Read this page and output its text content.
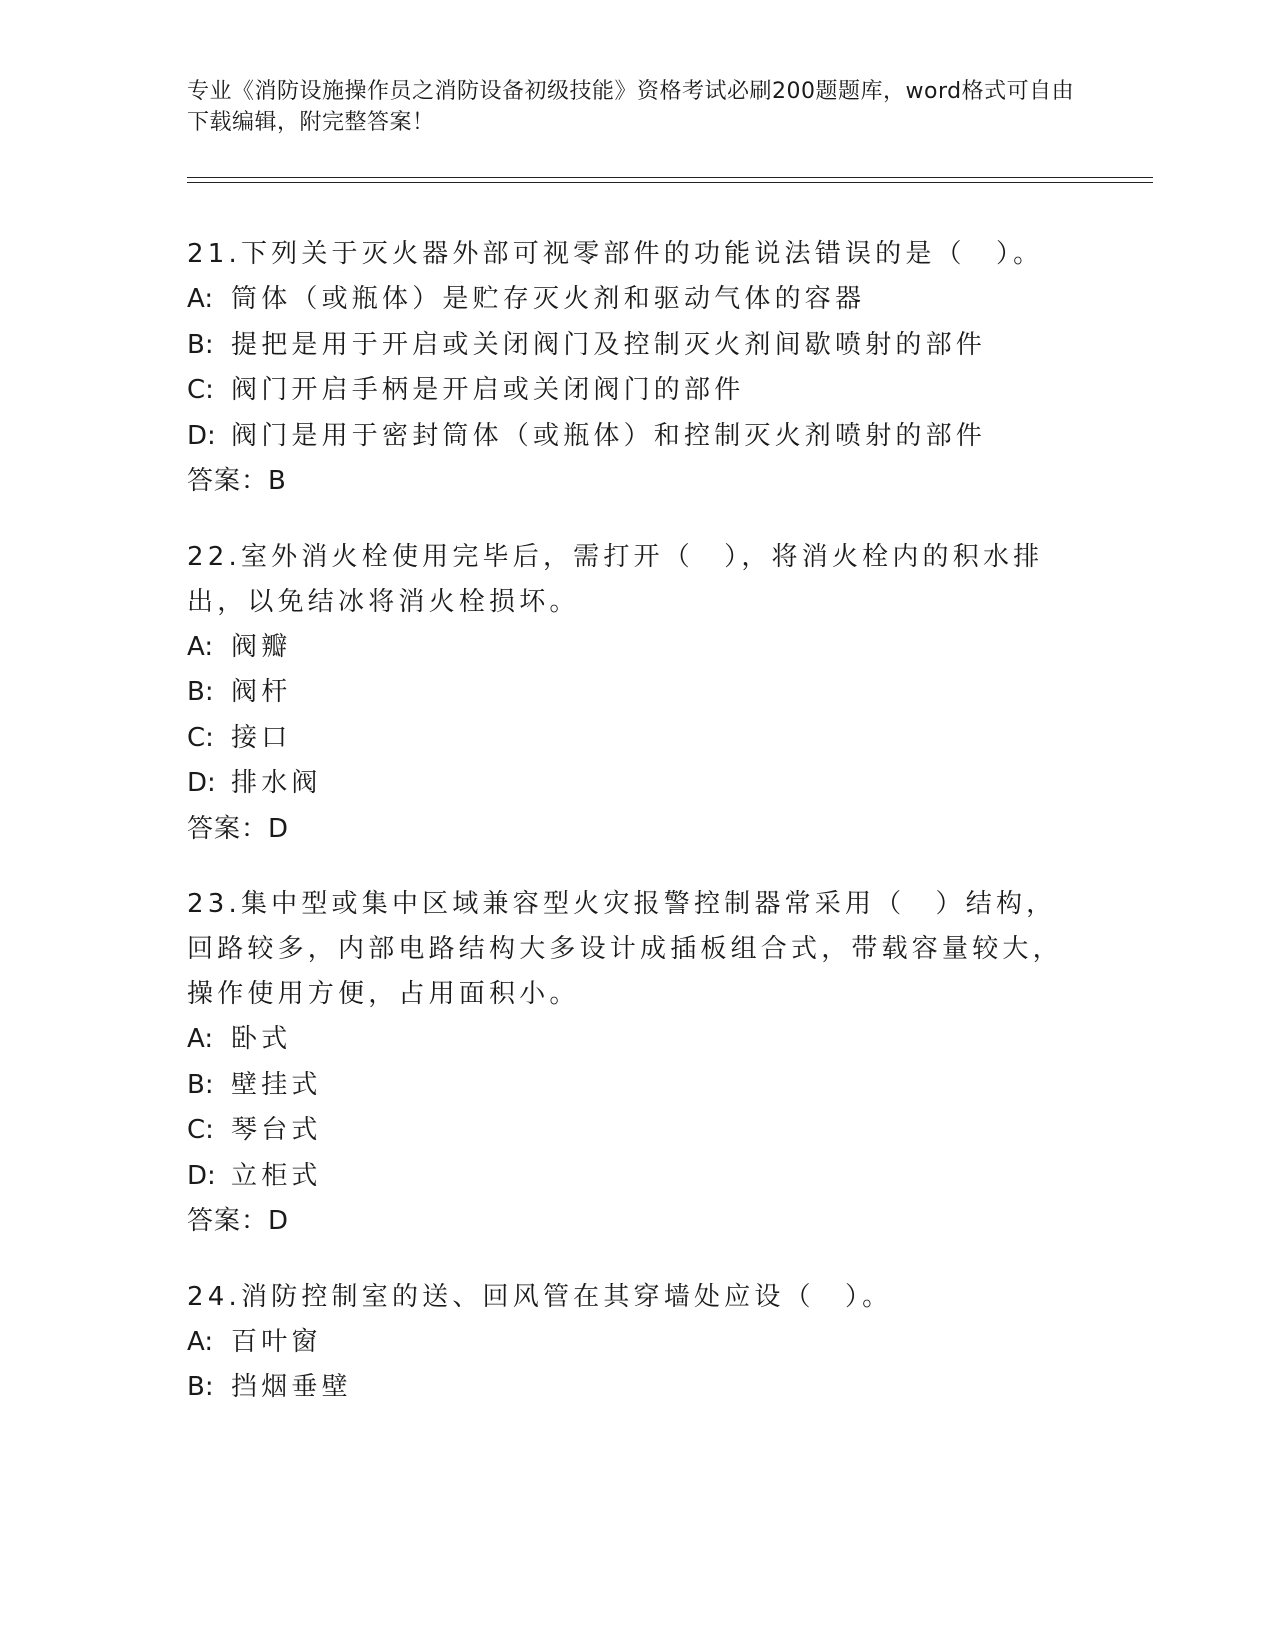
专业《消防设施操作员之消防设备初级技能》资格考试必刷200题题库，word格式可自由下载编辑，附完整答案！

21.下列关于灭火器外部可视零部件的功能说法错误的是（　）。

A: 筒体（或瓶体）是贮存灭火剂和驱动气体的容器

B: 提把是用于开启或关闭阀门及控制灭火剂间歇喷射的部件

C: 阀门开启手柄是开启或关闭阀门的部件

D: 阀门是用于密封筒体（或瓶体）和控制灭火剂喷射的部件

答案：B

22.室外消火栓使用完毕后，需打开（　），将消火栓内的积水排出，以免结冰将消火栓损坏。

A: 阀瓣

B: 阀杆

C: 接口

D: 排水阀

答案：D

23.集中型或集中区域兼容型火灾报警控制器常采用（　）结构，回路较多，内部电路结构大多设计成插板组合式，带载容量较大，操作使用方便，占用面积小。

A: 卧式

B: 壁挂式

C: 琴台式

D: 立柜式

答案：D

24.消防控制室的送、回风管在其穿墙处应设（　）。

A: 百叶窗

B: 挡烟垂壁
